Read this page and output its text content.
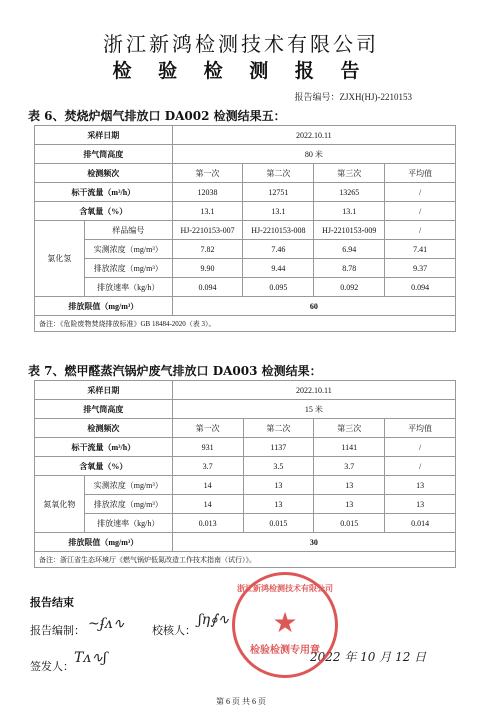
浙江新鸿检测技术有限公司
检 验 检 测 报 告
报告编号：ZJXH(HJ)-2210153
表 6、焚烧炉烟气排放口 DA002 检测结果五：
采样日期		2022.10.11			
排气筒高度		80 米			
检测频次		第一次	第二次	第三次	平均值
标干流量（m³/h）		12038	12751	13265	/
含氧量（%）		13.1	13.1	13.1	/
氯化氢	样品编号	HJ-2210153-007	HJ-2210153-008	HJ-2210153-009	/
	实测浓度（mg/m³）	7.82	7.46	6.94	7.41
	排放浓度（mg/m³）	9.90	9.44	8.78	9.37
	排放速率（kg/h）	0.094	0.095	0.092	0.094
排放限值（mg/m³）		60			
备注：《危险废物焚烧排放标准》GB 18484-2020（表 3）。					
表 7、燃甲醛蒸汽锅炉废气排放口 DA003 检测结果：
采样日期		2022.10.11			
排气筒高度		15 米			
检测频次		第一次	第二次	第三次	平均值
标干流量（m³/h）		931	1137	1141	/
含氧量（%）		3.7	3.5	3.7	/
氮氧化物	实测浓度（mg/m³）	14	13	13	13
	排放浓度（mg/m³）	14	13	13	13
	排放速率（kg/h）	0.013	0.015	0.015	0.014
排放限值（mg/m³）		30			
备注：浙江省生态环境厅《燃气锅炉低氮改造工作技术指南（试行）》。					
报告结束
报告编制： ~ʄᴧ∿ 校核人：
ʃη∮∿
签发人：
Tᴧ∿ʃ	2022 年 10 月 12 日
第 6 页 共 6 页
浙江新鸿检测技术有限公司
★
检验检测专用章
